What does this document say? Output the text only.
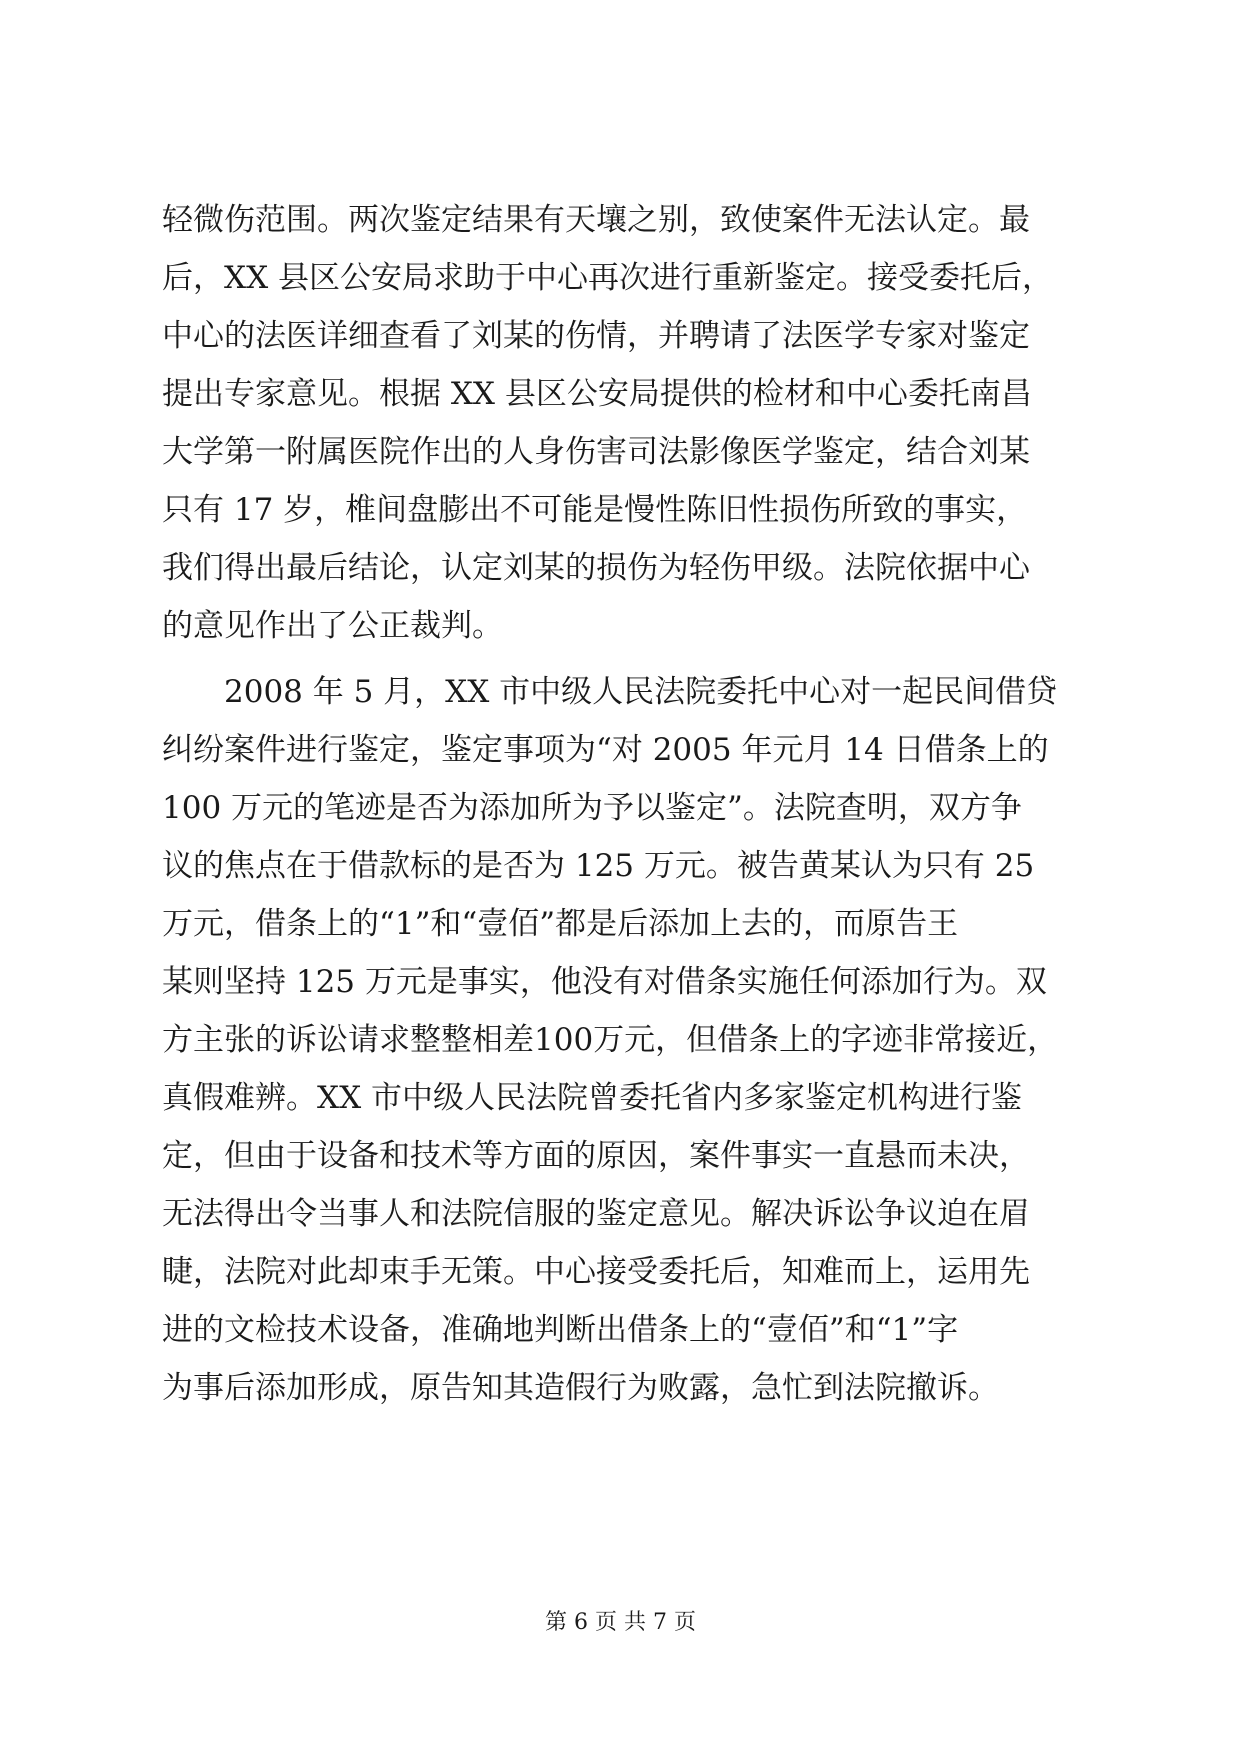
轻微伤范围。两次鉴定结果有天壤之别，致使案件无法认定。最
后，XX 县区公安局求助于中心再次进行重新鉴定。接受委托后，
中心的法医详细查看了刘某的伤情，并聘请了法医学专家对鉴定
提出专家意见。根据 XX 县区公安局提供的检材和中心委托南昌
大学第一附属医院作出的人身伤害司法影像医学鉴定，结合刘某
只有 17 岁，椎间盘膨出不可能是慢性陈旧性损伤所致的事实，
我们得出最后结论，认定刘某的损伤为轻伤甲级。法院依据中心
的意见作出了公正裁判。
2008 年 5 月，XX 市中级人民法院委托中心对一起民间借贷
纠纷案件进行鉴定，鉴定事项为“对 2005 年元月 14 日借条上的
100 万元的笔迹是否为添加所为予以鉴定”。法院查明，双方争
议的焦点在于借款标的是否为 125 万元。被告黄某认为只有 25
万元，借条上的“1”和“壹佰”都是后添加上去的，而原告王
某则坚持 125 万元是事实，他没有对借条实施任何添加行为。双
方主张的诉讼请求整整相差100万元，但借条上的字迹非常接近，
真假难辨。XX 市中级人民法院曾委托省内多家鉴定机构进行鉴
定，但由于设备和技术等方面的原因，案件事实一直悬而未决，
无法得出令当事人和法院信服的鉴定意见。解决诉讼争议迫在眉
睫，法院对此却束手无策。中心接受委托后，知难而上，运用先
进的文检技术设备，准确地判断出借条上的“壹佰”和“1”字
为事后添加形成，原告知其造假行为败露，急忙到法院撤诉。
第 6 页 共 7 页
